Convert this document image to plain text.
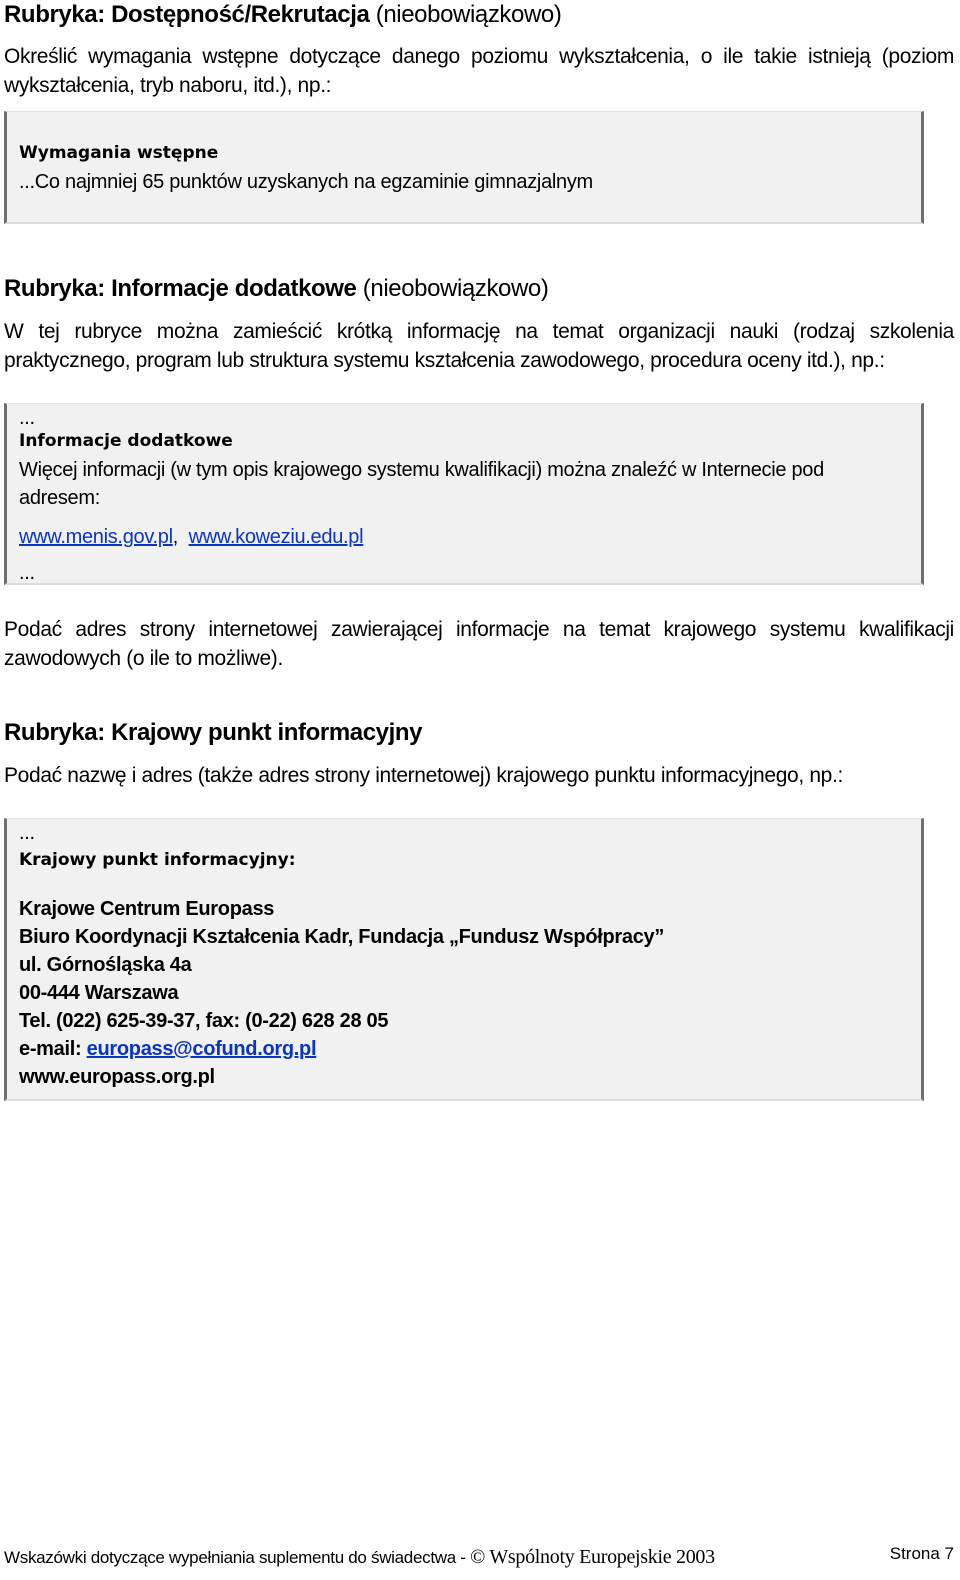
Rubryka: Dostępność/Rekrutacja (nieobowiązkowo)

Określić wymagania wstępne dotyczące danego poziomu wykształcenia, o ile takie istnieją (poziom wykształcenia, tryb naboru, itd.), np.:

Wymagania wstępne
...Co najmniej 65 punktów uzyskanych na egzaminie gimnazjalnym
Rubryka: Informacje dodatkowe (nieobowiązkowo)

W tej rubryce można zamieścić krótką informację na temat organizacji nauki (rodzaj szkolenia praktycznego, program lub struktura systemu kształcenia zawodowego, procedura oceny itd.), np.:

...
Informacje dodatkowe
Więcej informacji (w tym opis krajowego systemu kwalifikacji) można znaleźć w Internecie pod adresem:
www.menis.gov.pl, www.koweziu.edu.pl
...

Podać adres strony internetowej zawierającej informacje na temat krajowego systemu kwalifikacji zawodowych (o ile to możliwe).

Rubryka: Krajowy punkt informacyjny

Podać nazwę i adres (także adres strony internetowej) krajowego punktu informacyjnego, np.:

...
Krajowy punkt informacyjny:
Krajowe Centrum Europass
Biuro Koordynacji Kształcenia Kadr, Fundacja „Fundusz Współpracy”
ul. Górnośląska 4a
00-444 Warszawa
Tel. (022) 625-39-37, fax: (0-22) 628 28 05
e-mail: europass@cofund.org.pl
www.europass.org.pl
Wskazówki dotyczące wypełniania suplementu do świadectwa - © Wspólnoty Europejskie 2003	Strona 7
